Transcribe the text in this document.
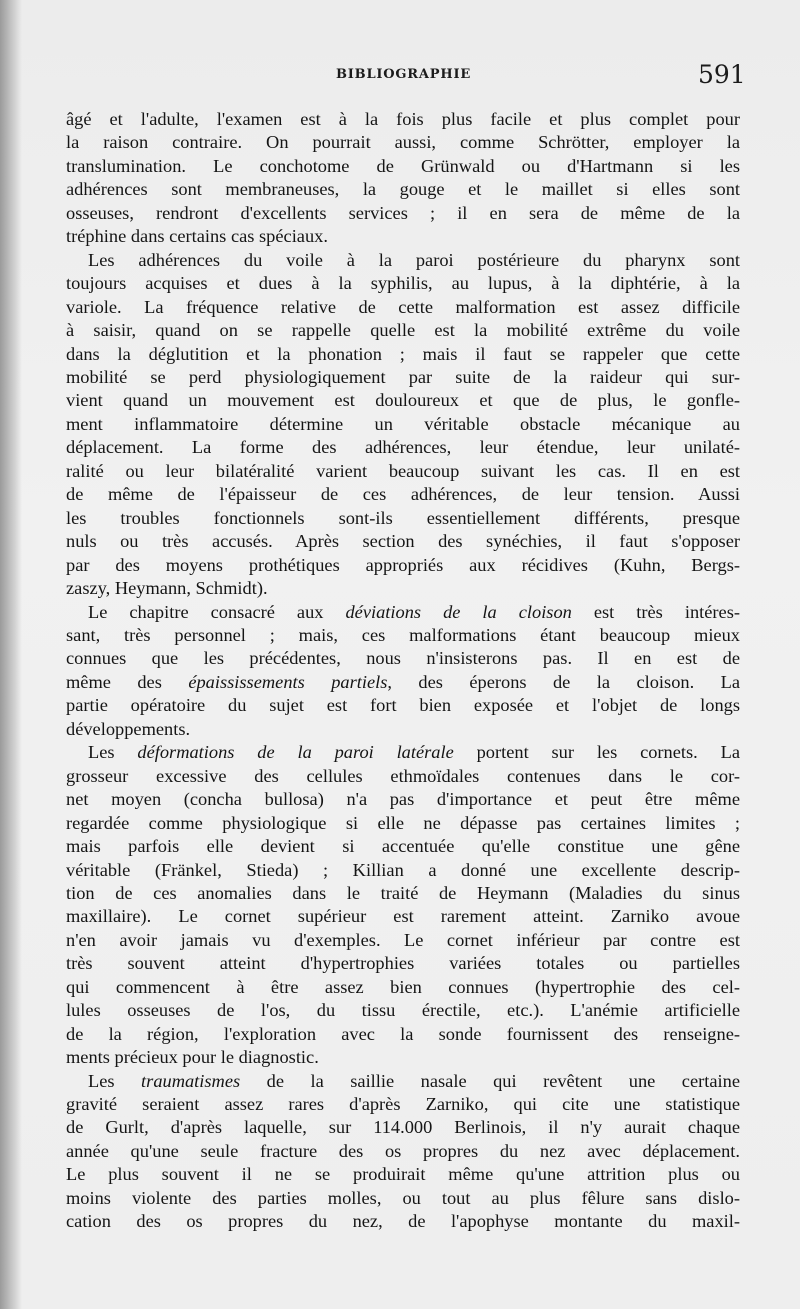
BIBLIOGRAPHIE	591

âgé et l'adulte, l'examen est à la fois plus facile et plus complet pour
la raison contraire. On pourrait aussi, comme Schrötter, employer la
translumination. Le conchotome de Grünwald ou d'Hartmann si les
adhérences sont membraneuses, la gouge et le maillet si elles sont
osseuses, rendront d'excellents services ; il en sera de même de la
tréphine dans certains cas spéciaux.

Les adhérences du voile à la paroi postérieure du pharynx sont
toujours acquises et dues à la syphilis, au lupus, à la diphtérie, à la
variole. La fréquence relative de cette malformation est assez difficile
à saisir, quand on se rappelle quelle est la mobilité extrême du voile
dans la déglutition et la phonation ; mais il faut se rappeler que cette
mobilité se perd physiologiquement par suite de la raideur qui sur-
vient quand un mouvement est douloureux et que de plus, le gonfle-
ment inflammatoire détermine un véritable obstacle mécanique au
déplacement. La forme des adhérences, leur étendue, leur unilaté-
ralité ou leur bilatéralité varient beaucoup suivant les cas. Il en est
de même de l'épaisseur de ces adhérences, de leur tension. Aussi
les troubles fonctionnels sont-ils essentiellement différents, presque
nuls ou très accusés. Après section des synéchies, il faut s'opposer
par des moyens prothétiques appropriés aux récidives (Kuhn, Bergs-
zaszy, Heymann, Schmidt).

Le chapitre consacré aux déviations de la cloison est très intéres-
sant, très personnel ; mais, ces malformations étant beaucoup mieux
connues que les précédentes, nous n'insisterons pas. Il en est de
même des épaississements partiels, des éperons de la cloison. La
partie opératoire du sujet est fort bien exposée et l'objet de longs
développements.

Les déformations de la paroi latérale portent sur les cornets. La
grosseur excessive des cellules ethmoïdales contenues dans le cor-
net moyen (concha bullosa) n'a pas d'importance et peut être même
regardée comme physiologique si elle ne dépasse pas certaines limites ;
mais parfois elle devient si accentuée qu'elle constitue une gêne
véritable (Fränkel, Stieda) ; Killian a donné une excellente descrip-
tion de ces anomalies dans le traité de Heymann (Maladies du sinus
maxillaire). Le cornet supérieur est rarement atteint. Zarniko avoue
n'en avoir jamais vu d'exemples. Le cornet inférieur par contre est
très souvent atteint d'hypertrophies variées totales ou partielles
qui commencent à être assez bien connues (hypertrophie des cel-
lules osseuses de l'os, du tissu érectile, etc.). L'anémie artificielle
de la région, l'exploration avec la sonde fournissent des renseigne-
ments précieux pour le diagnostic.

Les traumatismes de la saillie nasale qui revêtent une certaine
gravité seraient assez rares d'après Zarniko, qui cite une statistique
de Gurlt, d'après laquelle, sur 114.000 Berlinois, il n'y aurait chaque
année qu'une seule fracture des os propres du nez avec déplacement.
Le plus souvent il ne se produirait même qu'une attrition plus ou
moins violente des parties molles, ou tout au plus fêlure sans dislo-
cation des os propres du nez, de l'apophyse montante du maxil-
